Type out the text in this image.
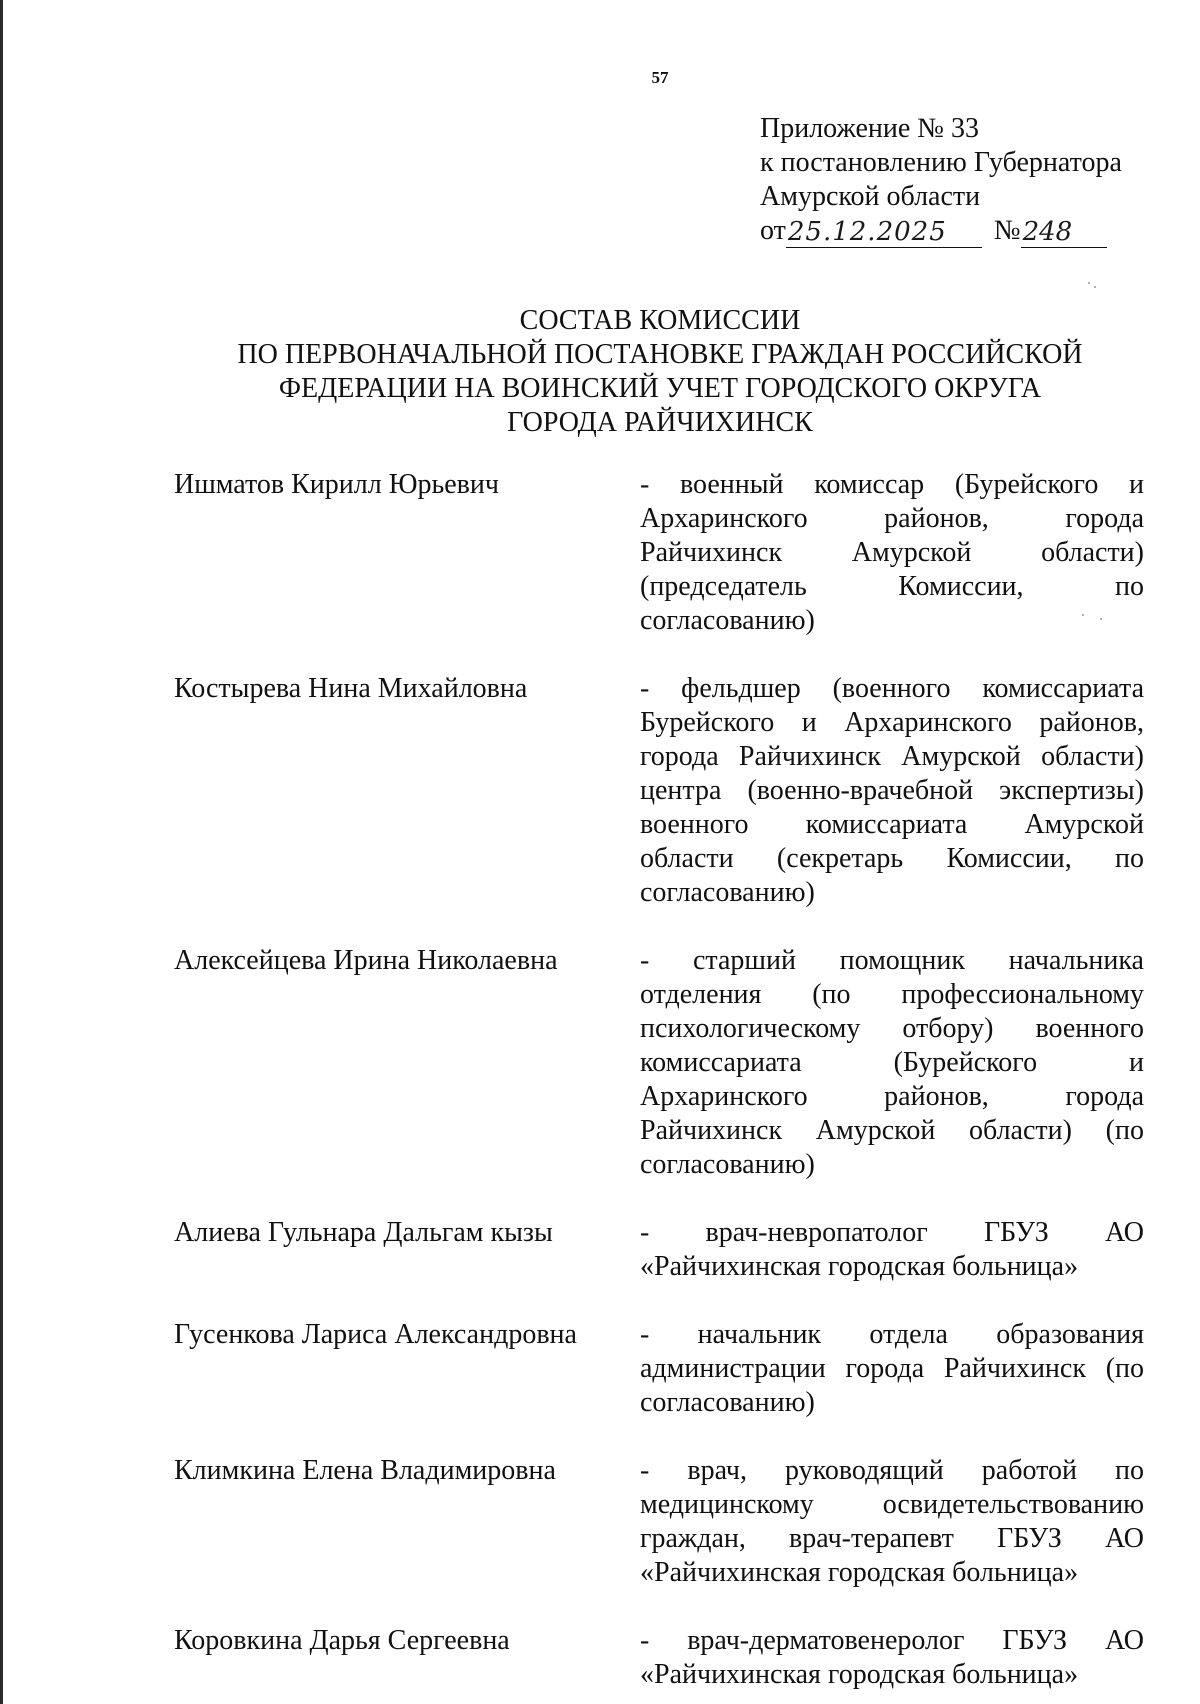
57
Приложение № 33
к постановлению Губернатора
Амурской области
от 25.12.2025	№ 248
СОСТАВ КОМИССИИ
ПО ПЕРВОНАЧАЛЬНОЙ ПОСТАНОВКЕ ГРАЖДАН РОССИЙСКОЙ
ФЕДЕРАЦИИ НА ВОИНСКИЙ УЧЕТ ГОРОДСКОГО ОКРУГА
ГОРОДА РАЙЧИХИНСК
Ишматов Кирилл Юрьевич	- военный комиссар (Бурейского и Архаринского районов, города Райчихинск Амурской области) (председатель Комиссии, по согласованию)
Костырева Нина Михайловна	- фельдшер (военного комиссариата Бурейского и Архаринского районов, города Райчихинск Амурской области) центра (военно-врачебной экспертизы) военного комиссариата Амурской области (секретарь Комиссии, по согласованию)
Алексейцева Ирина Николаевна	- старший помощник начальника отделения (по профессиональному психологическому отбору) военного комиссариата (Бурейского и Архаринского районов, города Райчихинск Амурской области) (по согласованию)
Алиева Гульнара Дальгам кызы	- врач-невропатолог ГБУЗ АО «Райчихинская городская больница»
Гусенкова Лариса Александровна	- начальник отдела образования администрации города Райчихинск (по согласованию)
Климкина Елена Владимировна	- врач, руководящий работой по медицинскому освидетельствованию граждан, врач-терапевт ГБУЗ АО «Райчихинская городская больница»
Коровкина Дарья Сергеевна	- врач-дерматовенеролог ГБУЗ АО «Райчихинская городская больница»
